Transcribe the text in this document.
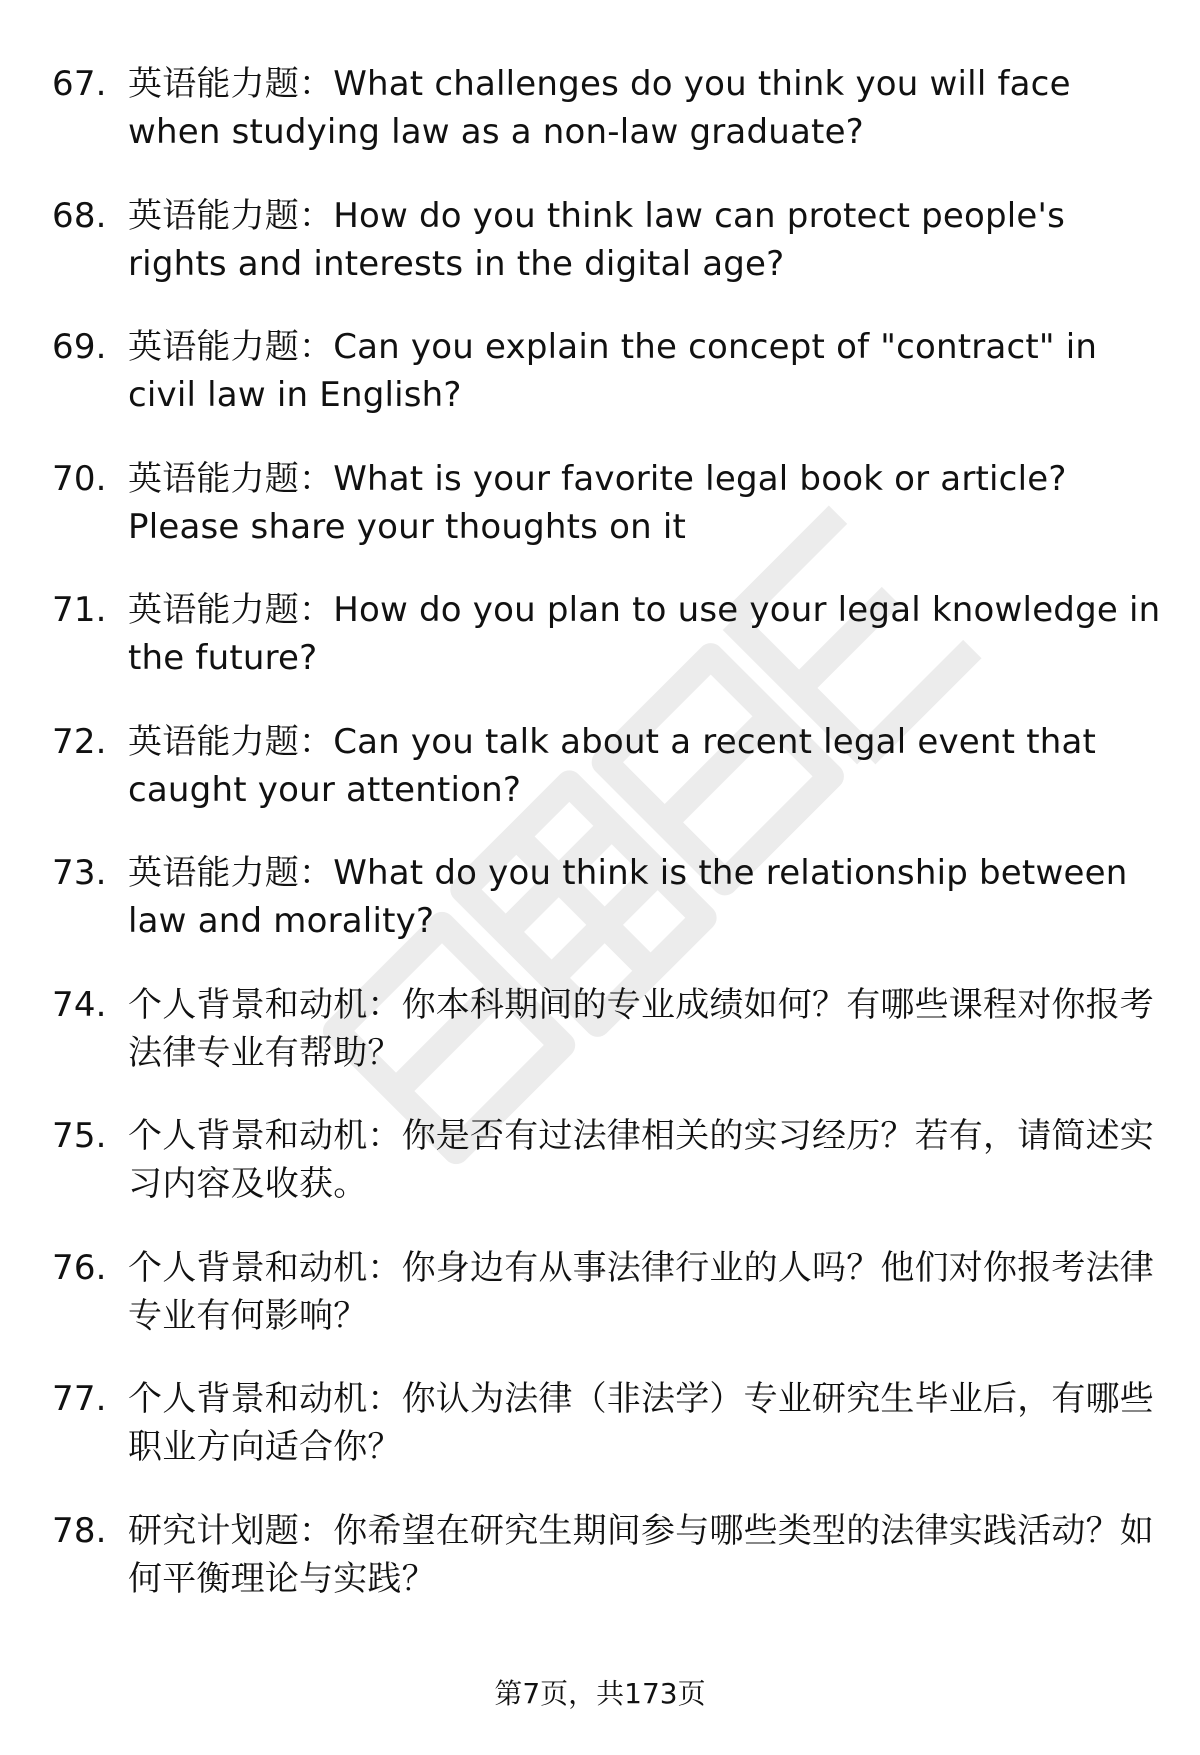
67. 英语能力题：What challenges do you think you will face when studying law as a non-law graduate?
68. 英语能力题：How do you think law can protect people's rights and interests in the digital age?
69. 英语能力题：Can you explain the concept of "contract" in civil law in English?
70. 英语能力题：What is your favorite legal book or article? Please share your thoughts on it
71. 英语能力题：How do you plan to use your legal knowledge in the future?
72. 英语能力题：Can you talk about a recent legal event that caught your attention?
73. 英语能力题：What do you think is the relationship between law and morality?
74. 个人背景和动机：你本科期间的专业成绩如何？有哪些课程对你报考法律专业有帮助？
75. 个人背景和动机：你是否有过法律相关的实习经历？若有，请简述实习内容及收获。
76. 个人背景和动机：你身边有从事法律行业的人吗？他们对你报考法律专业有何影响？
77. 个人背景和动机：你认为法律（非法学）专业研究生毕业后，有哪些职业方向适合你？
78. 研究计划题：你希望在研究生期间参与哪些类型的法律实践活动？如何平衡理论与实践？
第7页，共173页
